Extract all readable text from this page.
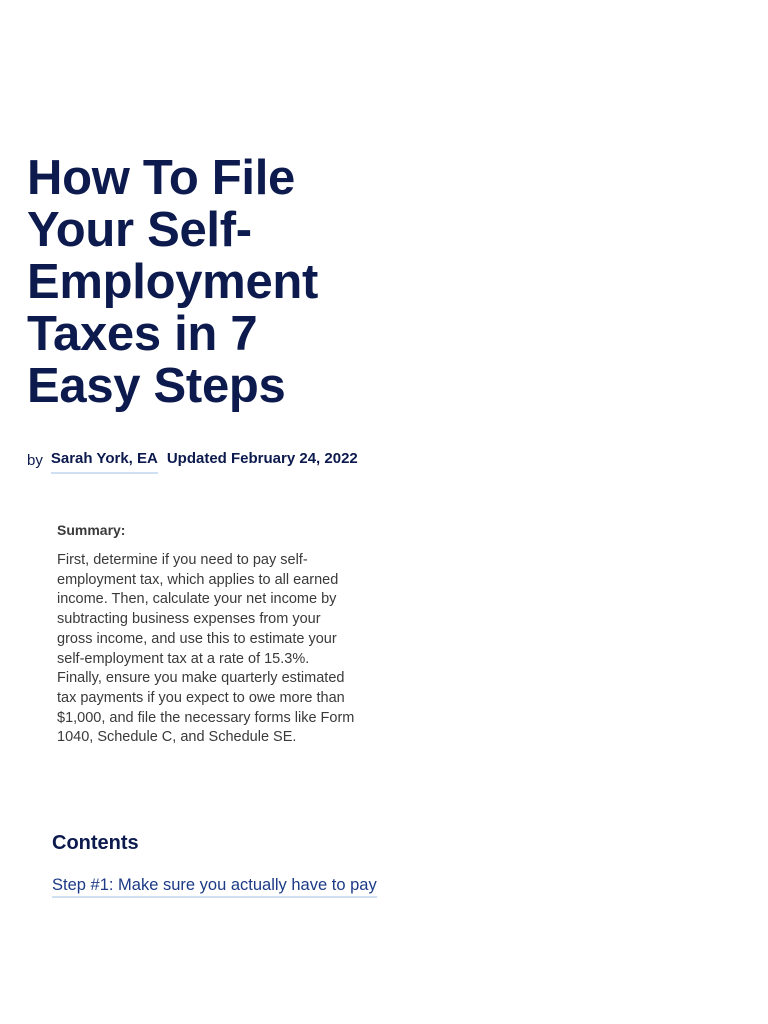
How To File Your Self-Employment Taxes in 7 Easy Steps
by Sarah York, EA Updated February 24, 2022
Summary:

First, determine if you need to pay self-employment tax, which applies to all earned income. Then, calculate your net income by subtracting business expenses from your gross income, and use this to estimate your self-employment tax at a rate of 15.3%. Finally, ensure you make quarterly estimated tax payments if you expect to owe more than $1,000, and file the necessary forms like Form 1040, Schedule C, and Schedule SE.

Contents
Step #1: Make sure you actually have to pay
